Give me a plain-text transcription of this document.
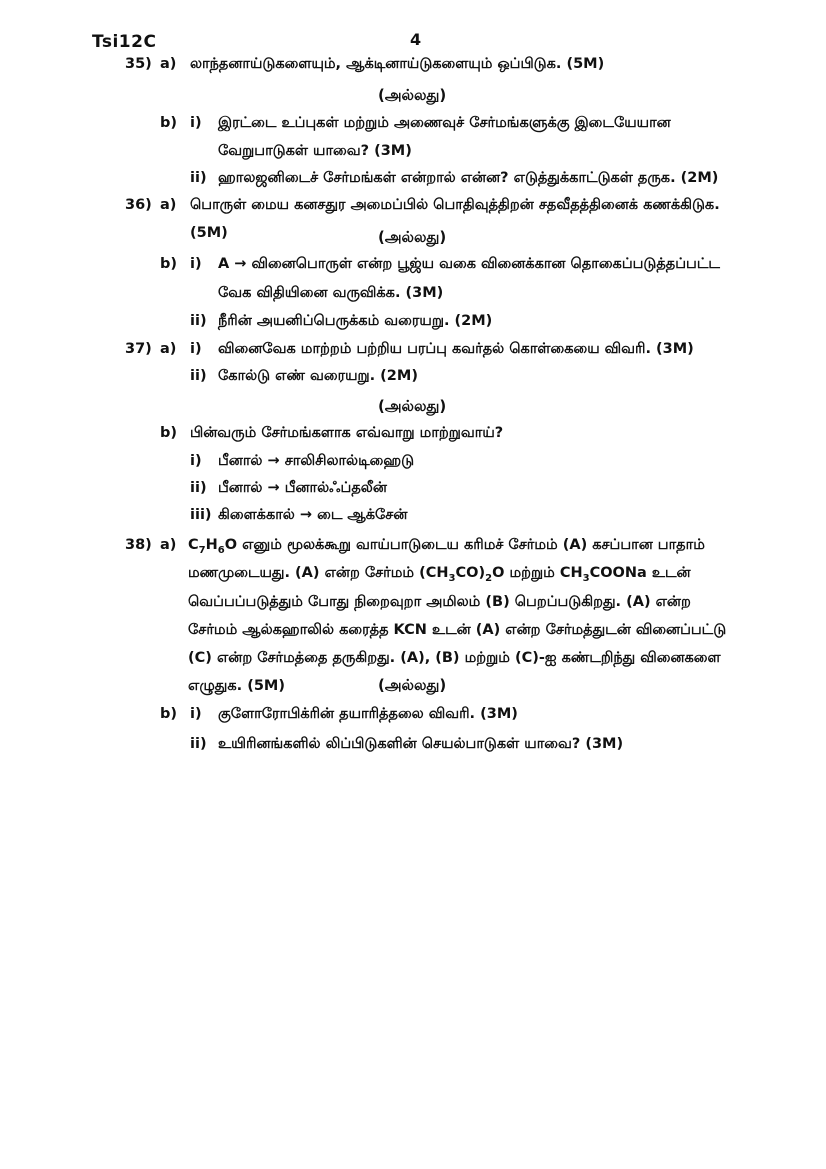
Tsi12C	4
35) a) லாந்தனாய்டுகளையும், ஆக்டினாய்டுகளையும் ஒப்பிடுக. (5M)
(அல்லது)
b) i) இரட்டை உப்புகள் மற்றும் அணைவுச் சேர்மங்களுக்கு இடையேயான
வேறுபாடுகள் யாவை? (3M)
ii) ஹாலஜனிடைச் சேர்மங்கள் என்றால் என்ன? எடுத்துக்காட்டுகள் தருக. (2M)
36) a) பொருள் மைய கனசதுர அமைப்பில் பொதிவுத்திறன் சதவீதத்தினைக் கணக்கிடுக.
(5M)	(அல்லது)
b) i) A → வினைபொருள் என்ற பூஜ்ய வகை வினைக்கான தொகைப்படுத்தப்பட்ட
வேக விதியினை வருவிக்க. (3M)
ii) நீரின் அயனிப்பெருக்கம் வரையறு. (2M)
37) a) i) வினைவேக மாற்றம் பற்றிய பரப்பு கவர்தல் கொள்கையை விவரி. (3M)
ii) கோல்டு எண் வரையறு. (2M)
(அல்லது)
b) பின்வரும் சேர்மங்களாக எவ்வாறு மாற்றுவாய்?
i) பீனால் → சாலிசிலால்டிஹைடு
ii) பீனால் → பீனால்ஃப்தலீன்
iii) கிளைக்கால் → டை ஆக்சேன்
38) a) $C_7H_6O$ எனும் மூலக்கூறு வாய்பாடுடைய கரிமச் சேர்மம் (A) கசப்பான பாதாம்
மணமுடையது. (A) என்ற சேர்மம் $(CH_3CO)_2O$ மற்றும் $CH_3COONa$ உடன்
வெப்பப்படுத்தும் போது நிறைவுறா அமிலம் (B) பெறப்படுகிறது. (A) என்ற
சேர்மம் ஆல்கஹாலில் கரைத்த KCN உடன் (A) என்ற சேர்மத்துடன் வினைப்பட்டு
(C) என்ற சேர்மத்தை தருகிறது. (A), (B) மற்றும் (C)-ஐ கண்டறிந்து வினைகளை
எழுதுக. (5M)	(அல்லது)
b) i) குளோரோபிக்ரின் தயாரித்தலை விவரி. (3M)
ii) உயிரினங்களில் லிப்பிடுகளின் செயல்பாடுகள் யாவை? (3M)
